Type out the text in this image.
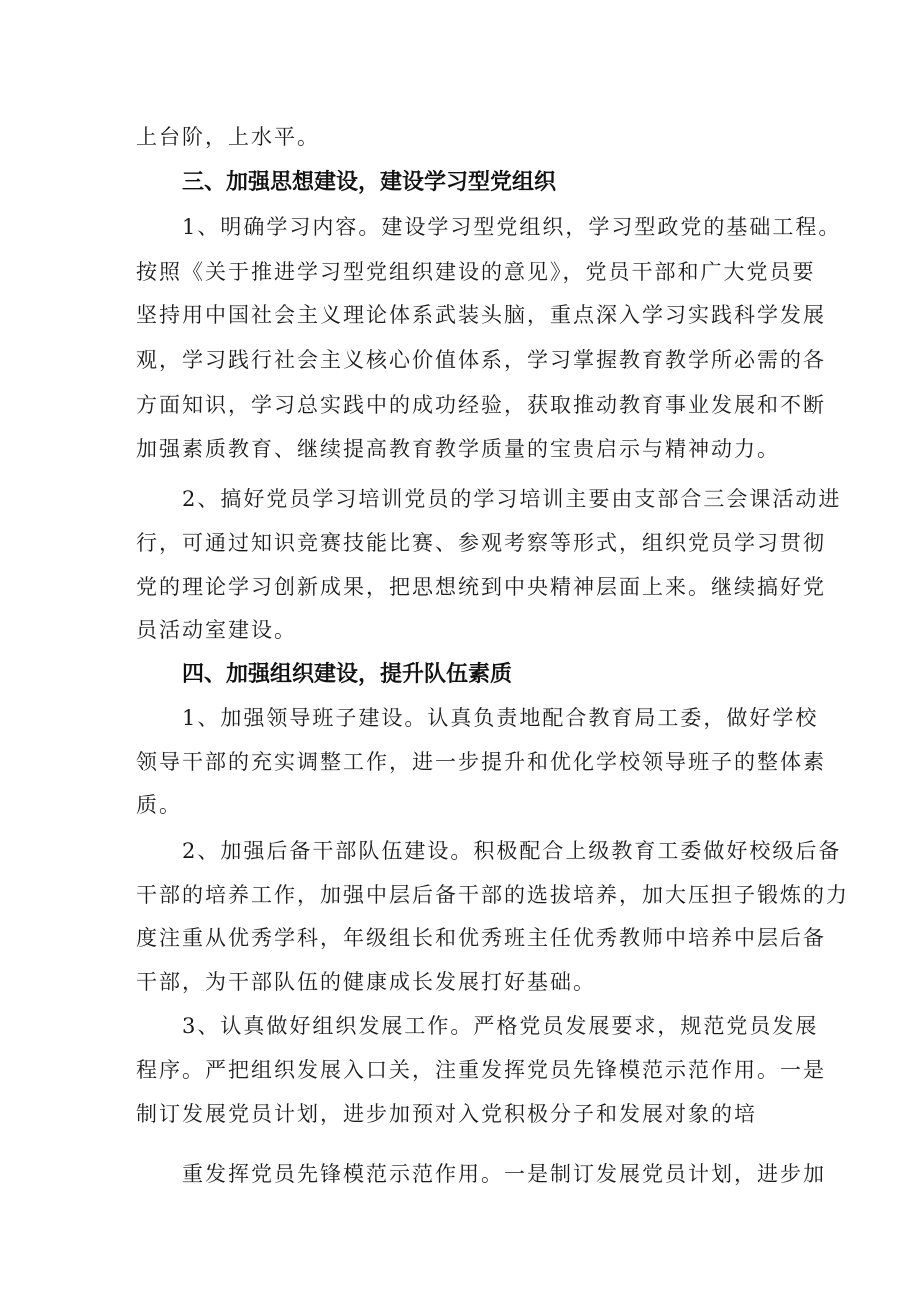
上台阶，上水平。
三、加强思想建设，建设学习型党组织
1、明确学习内容。建设学习型党组织，学习型政党的基础工程。
按照《关于推进学习型党组织建设的意见》，党员干部和广大党员要
坚持用中国社会主义理论体系武装头脑，重点深入学习实践科学发展
观，学习践行社会主义核心价值体系，学习掌握教育教学所必需的各
方面知识，学习总实践中的成功经验，获取推动教育事业发展和不断
加强素质教育、继续提高教育教学质量的宝贵启示与精神动力。
2、搞好党员学习培训党员的学习培训主要由支部合三会课活动进
行，可通过知识竞赛技能比赛、参观考察等形式，组织党员学习贯彻
党的理论学习创新成果，把思想统到中央精神层面上来。继续搞好党
员活动室建设。
四、加强组织建设，提升队伍素质
1、加强领导班子建设。认真负责地配合教育局工委，做好学校
领导干部的充实调整工作，进一步提升和优化学校领导班子的整体素
质。
2、加强后备干部队伍建设。积极配合上级教育工委做好校级后备
干部的培养工作，加强中层后备干部的选拔培养，加大压担子锻炼的力
度注重从优秀学科，年级组长和优秀班主任优秀教师中培养中层后备
干部，为干部队伍的健康成长发展打好基础。
3、认真做好组织发展工作。严格党员发展要求，规范党员发展
程序。严把组织发展入口关，注重发挥党员先锋模范示范作用。一是
制订发展党员计划，进步加预对入党积极分子和发展对象的培
重发挥党员先锋模范示范作用。一是制订发展党员计划，进步加
